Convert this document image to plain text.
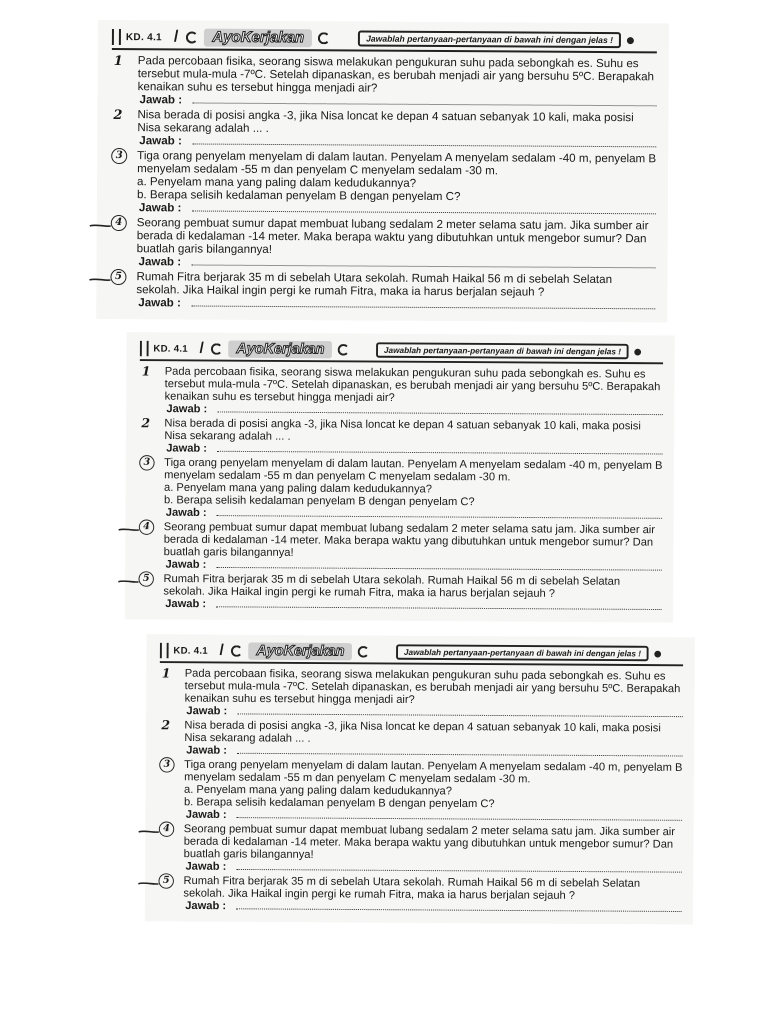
KD. 4.1 /	AyoKerjakan	Jawablah pertanyaan-pertanyaan di bawah ini dengan jelas !
1 Pada percobaan fisika, seorang siswa melakukan pengukuran suhu pada sebongkah es. Suhu es tersebut mula-mula -7ºC. Setelah dipanaskan, es berubah menjadi air yang bersuhu 5ºC. Berapakah kenaikan suhu es tersebut hingga menjadi air?

Jawab :
2 Nisa berada di posisi angka -3, jika Nisa loncat ke depan 4 satuan sebanyak 10 kali, maka posisi Nisa sekarang adalah ... .

Jawab :
3	Tiga orang penyelam menyelam di dalam lautan. Penyelam A menyelam sedalam -40 m, penyelam B menyelam sedalam -55 m dan penyelam C menyelam sedalam -30 m.

a. Penyelam mana yang paling dalam kedudukannya?

b. Berapa selisih kedalaman penyelam B dengan penyelam C?

Jawab :
4	Seorang pembuat sumur dapat membuat lubang sedalam 2 meter selama satu jam. Jika sumber air berada di kedalaman -14 meter. Maka berapa waktu yang dibutuhkan untuk mengebor sumur? Dan buatlah garis bilangannya!

Jawab :
5	Rumah Fitra berjarak 35 m di sebelah Utara sekolah. Rumah Haikal 56 m di sebelah Selatan sekolah. Jika Haikal ingin pergi ke rumah Fitra, maka ia harus berjalan sejauh ?

Jawab :
KD. 4.1 /	AyoKerjakan	Jawablah pertanyaan-pertanyaan di bawah ini dengan jelas !
1 Pada percobaan fisika, seorang siswa melakukan pengukuran suhu pada sebongkah es. Suhu es tersebut mula-mula -7ºC. Setelah dipanaskan, es berubah menjadi air yang bersuhu 5ºC. Berapakah kenaikan suhu es tersebut hingga menjadi air?

Jawab :
2 Nisa berada di posisi angka -3, jika Nisa loncat ke depan 4 satuan sebanyak 10 kali, maka posisi Nisa sekarang adalah ... .

Jawab :
3	Tiga orang penyelam menyelam di dalam lautan. Penyelam A menyelam sedalam -40 m, penyelam B menyelam sedalam -55 m dan penyelam C menyelam sedalam -30 m.

a. Penyelam mana yang paling dalam kedudukannya?

b. Berapa selisih kedalaman penyelam B dengan penyelam C?

Jawab :
4	Seorang pembuat sumur dapat membuat lubang sedalam 2 meter selama satu jam. Jika sumber air berada di kedalaman -14 meter. Maka berapa waktu yang dibutuhkan untuk mengebor sumur? Dan buatlah garis bilangannya!

Jawab :
5	Rumah Fitra berjarak 35 m di sebelah Utara sekolah. Rumah Haikal 56 m di sebelah Selatan sekolah. Jika Haikal ingin pergi ke rumah Fitra, maka ia harus berjalan sejauh ?

Jawab :
KD. 4.1 /	AyoKerjakan	Jawablah pertanyaan-pertanyaan di bawah ini dengan jelas !
1 Pada percobaan fisika, seorang siswa melakukan pengukuran suhu pada sebongkah es. Suhu es tersebut mula-mula -7ºC. Setelah dipanaskan, es berubah menjadi air yang bersuhu 5ºC. Berapakah kenaikan suhu es tersebut hingga menjadi air?

Jawab :
2 Nisa berada di posisi angka -3, jika Nisa loncat ke depan 4 satuan sebanyak 10 kali, maka posisi Nisa sekarang adalah ... .

Jawab :
3	Tiga orang penyelam menyelam di dalam lautan. Penyelam A menyelam sedalam -40 m, penyelam B menyelam sedalam -55 m dan penyelam C menyelam sedalam -30 m.

a. Penyelam mana yang paling dalam kedudukannya?

b. Berapa selisih kedalaman penyelam B dengan penyelam C?

Jawab :
4	Seorang pembuat sumur dapat membuat lubang sedalam 2 meter selama satu jam. Jika sumber air berada di kedalaman -14 meter. Maka berapa waktu yang dibutuhkan untuk mengebor sumur? Dan buatlah garis bilangannya!

Jawab :
5	Rumah Fitra berjarak 35 m di sebelah Utara sekolah. Rumah Haikal 56 m di sebelah Selatan sekolah. Jika Haikal ingin pergi ke rumah Fitra, maka ia harus berjalan sejauh ?

Jawab :
